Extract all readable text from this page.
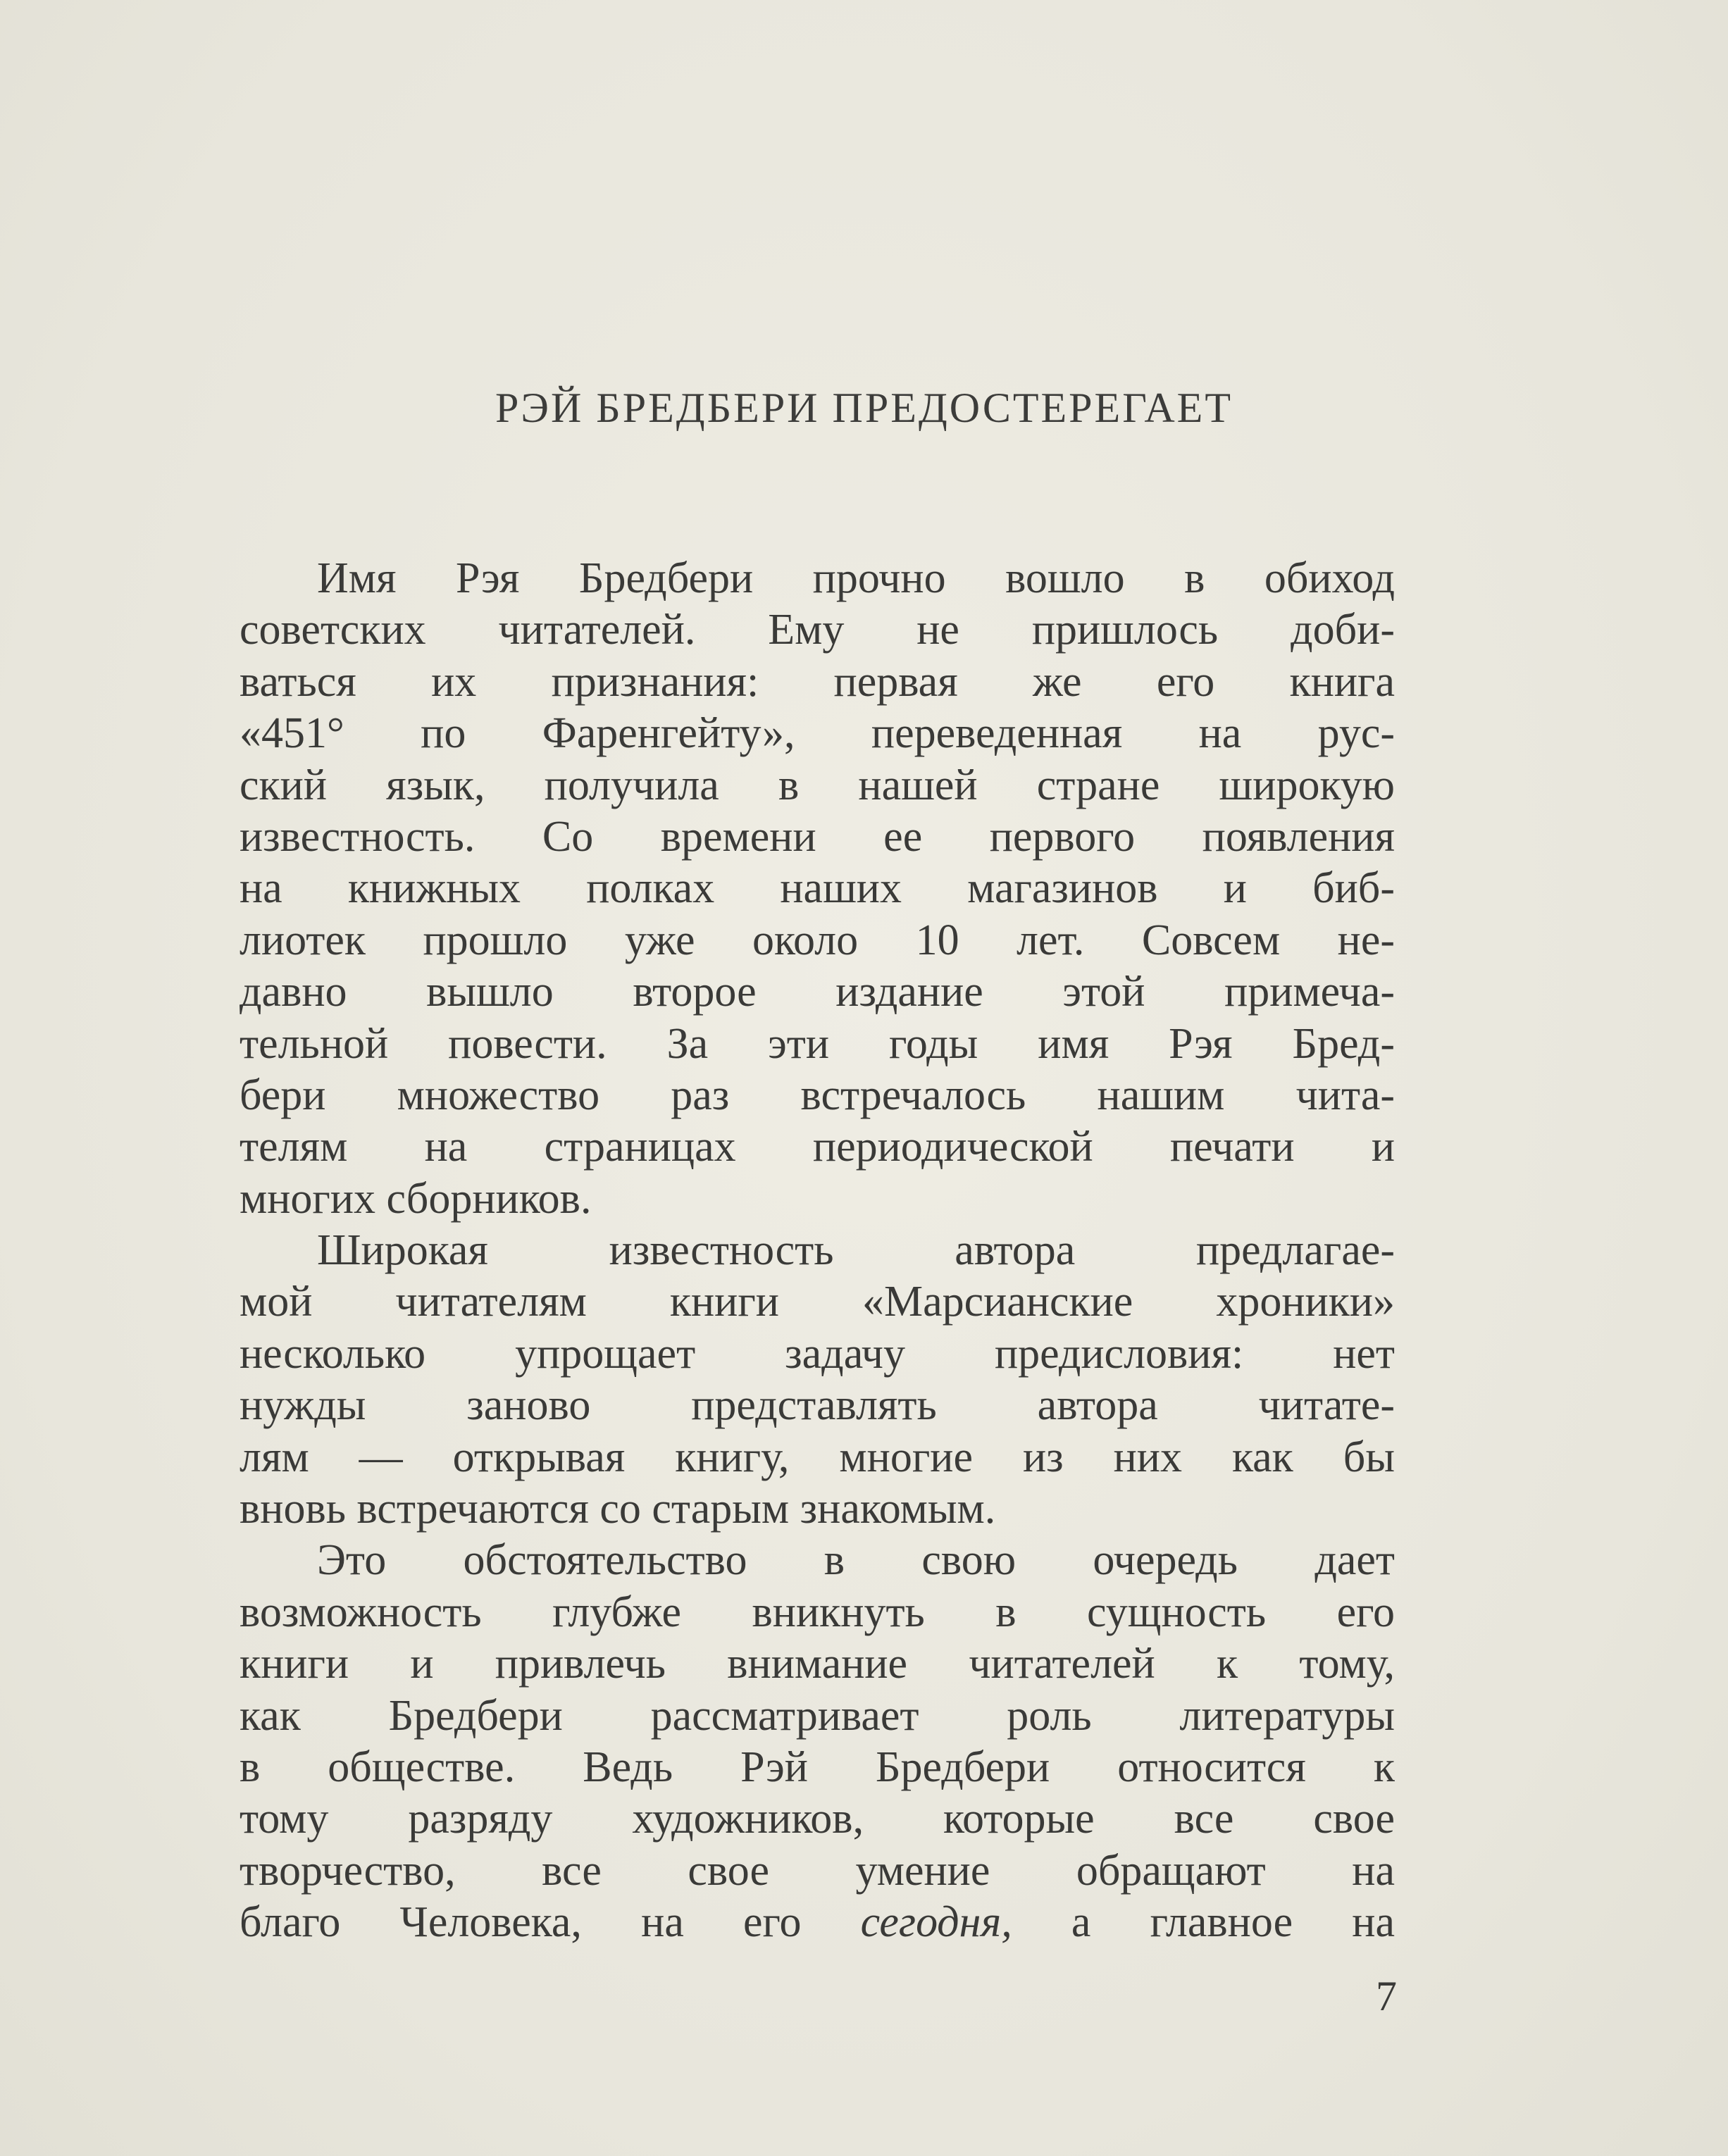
РЭЙ БРЕДБЕРИ ПРЕДОСТЕРЕГАЕТ
Имя Рэя Бредбери прочно вошло в обиход
советских читателей. Ему не пришлось доби-
ваться их признания: первая же его книга
«451° по Фаренгейту», переведенная на рус-
ский язык, получила в нашей стране широкую
известность. Со времени ее первого появления
на книжных полках наших магазинов и биб-
лиотек прошло уже около 10 лет. Совсем не-
давно вышло второе издание этой примеча-
тельной повести. За эти годы имя Рэя Бред-
бери множество раз встречалось нашим чита-
телям на страницах периодической печати и
многих сборников.
Широкая известность автора предлагае-
мой читателям книги «Марсианские хроники»
несколько упрощает задачу предисловия: нет
нужды заново представлять автора читате-
лям — открывая книгу, многие из них как бы
вновь встречаются со старым знакомым.
Это обстоятельство в свою очередь дает
возможность глубже вникнуть в сущность его
книги и привлечь внимание читателей к тому,
как Бредбери рассматривает роль литературы
в обществе. Ведь Рэй Бредбери относится к
тому разряду художников, которые все свое
творчество, все свое умение обращают на
благо Человека, на его сегодня, а главное на
7
